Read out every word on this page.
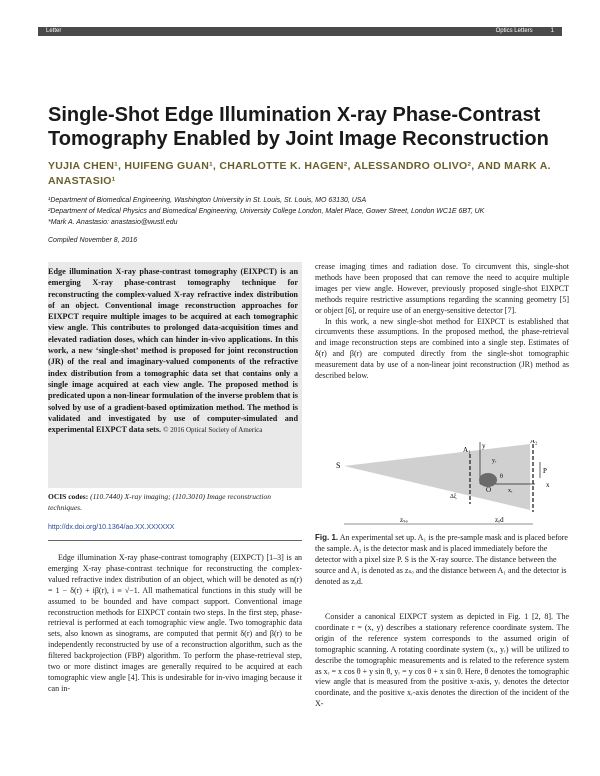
Letter	Optics Letters	1
Single-Shot Edge Illumination X-ray Phase-Contrast Tomography Enabled by Joint Image Reconstruction
YUJIA CHEN¹, HUIFENG GUAN¹, CHARLOTTE K. HAGEN², ALESSANDRO OLIVO², AND MARK A. ANASTASIO¹
¹Department of Biomedical Engineering, Washington University in St. Louis, St. Louis, MO 63130, USA
²Department of Medical Physics and Biomedical Engineering, University College London, Malet Place, Gower Street, London WC1E 6BT, UK
*Mark A. Anastasio: anastasio@wustl.edu
Compiled November 8, 2016
Edge illumination X-ray phase-contrast tomography (EIXPCT) is an emerging X-ray phase-contrast tomography technique for reconstructing the complex-valued X-ray refractive index distribution of an object. Conventional image reconstruction approaches for EIXPCT require multiple images to be acquired at each tomographic view angle. This contributes to prolonged data-acquisition times and elevated radiation doses, which can hinder in-vivo applications. In this work, a new ‘single-shot’ method is proposed for joint reconstruction (JR) of the real and imaginary-valued components of the refractive index distribution from a tomographic data set that contains only a single image acquired at each view angle. The proposed method is predicated upon a non-linear formulation of the inverse problem that is solved by use of a gradient-based optimization method. The method is validated and investigated by use of computer-simulated and experimental EIXPCT data sets. © 2016 Optical Society of America
OCIS codes: (110.7440) X-ray imaging; (110.3010) Image reconstruction techniques.
http://dx.doi.org/10.1364/ao.XX.XXXXXX

Edge illumination X-ray phase-contrast tomography (EIXPCT) [1–3] is an emerging X-ray phase-contrast technique for reconstructing the complex-valued refractive index distribution of an object, which will be denoted as n(r) = 1 − δ(r) + iβ(r), i ≡ √−1. All mathematical functions in this study will be assumed to be bounded and have compact support. Conventional image reconstruction methods for EIXPCT contain two steps. In the first step, phase-retrieval is performed at each tomographic view angle. Two tomographic data sets, also known as sinograms, are computed that permit δ(r) and β(r) to be independently reconstructed by use of a reconstruction algorithm, such as the filtered backprojection (FBP) algorithm. To perform the phase-retrieval step, two or more distinct images are generally required to be acquired at each tomographic view angle [4]. This is undesirable for in-vivo imaging because it can in-

crease imaging times and radiation dose. To circumvent this, single-shot methods have been proposed that can remove the need to acquire multiple images per view angle. However, previously proposed single-shot EIXPCT methods require restrictive assumptions regarding the scanning geometry [5] or object [6], or require use of an energy-sensitive detector [7].

In this work, a new single-shot method for EIXPCT is established that circumvents these assumptions. In the proposed method, the phase-retrieval and image reconstruction steps are combined into a single step. Estimates of δ(r) and β(r) are computed directly from the single-shot tomographic measurement data by use of a non-linear joint reconstruction (JR) method as described below.

S
A₁
A₂
y
x
P
O
yᵣ
xᵣ
θ
Δξ
zₛₒ	zₒd
Fig. 1. An experimental set up. A₁ is the pre-sample mask and is placed before the sample. A₂ is the detector mask and is placed immediately before the detector with a pixel size P. S is the X-ray source. The distance between the source and A₁ is denoted as zₛₒ and the distance between A₁ and the detector is denoted as zₒd.

Consider a canonical EIXPCT system as depicted in Fig. 1 [2, 8]. The coordinate r = (x, y) describes a stationary reference coordinate system. The origin of the reference system corresponds to the assumed origin of tomographic scanning. A rotating coordinate system (xᵣ, yᵣ) will be utilized to describe the tomographic measurements and is related to the reference system as xᵣ = x cos θ + y sin θ, yᵣ = y cos θ + x sin θ. Here, θ denotes the tomographic view angle that is measured from the positive x-axis, yᵣ denotes the detector coordinate, and the positive xᵣ-axis denotes the direction of the incident of the X-
